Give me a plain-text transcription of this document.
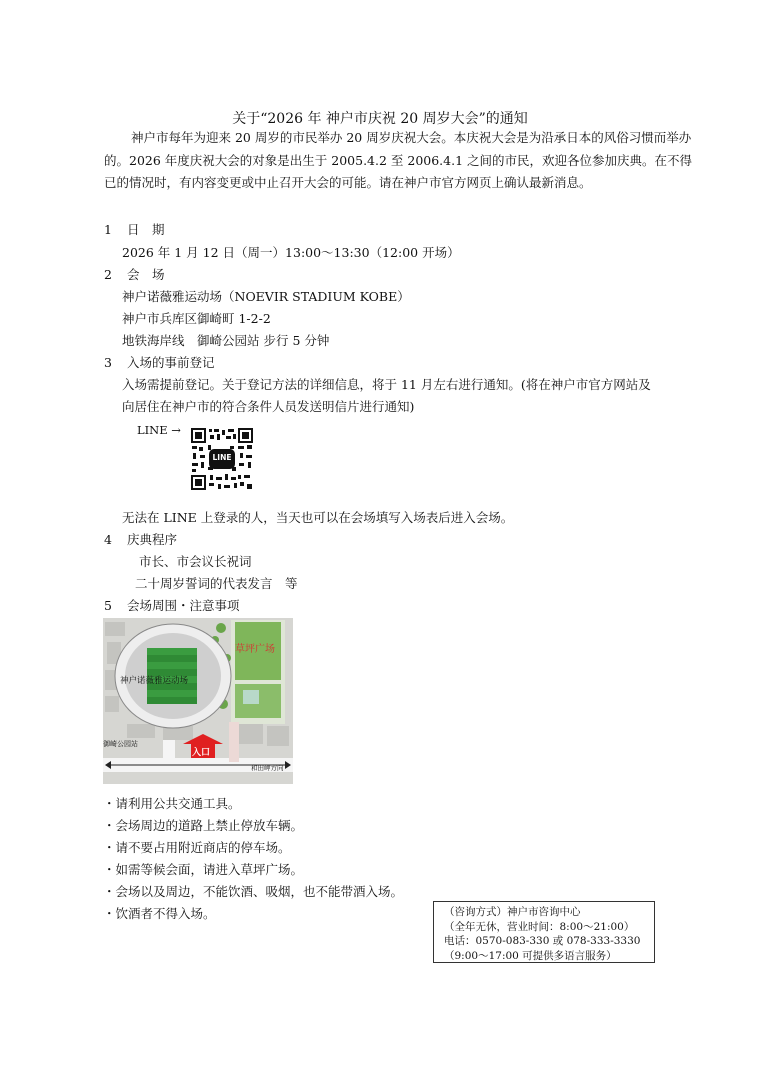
关于“2026 年 神户市庆祝 20 周岁大会”的通知
神户市每年为迎来 20 周岁的市民举办 20 周岁庆祝大会。本庆祝大会是为沿承日本的风俗习惯而举办的。2026 年度庆祝大会的对象是出生于 2005.4.2 至 2006.4.1 之间的市民，欢迎各位参加庆典。在不得已的情况时，有内容变更或中止召开大会的可能。请在神户市官方网页上确认最新消息。
1 日　期
2026 年 1 月 12 日（周一）13:00～13:30（12:00 开场）
2 会　场
神户诺薇雅运动场（NOEVIR STADIUM KOBE）
神户市兵库区御崎町 1-2-2
地铁海岸线　御崎公园站 步行 5 分钟
3 入场的事前登记
入场需提前登记。关于登记方法的详细信息，将于 11 月左右进行通知。(将在神户市官方网站及
向居住在神户市的符合条件人员发送明信片进行通知)
LINE →
LINE
无法在 LINE 上登录的人，当天也可以在会场填写入场表后进入会场。
4 庆典程序
市长、市会议长祝词
二十周岁誓词的代表发言　等
5 会场周围・注意事项
草坪广场
神户诺薇雅运动场
御崎公园站
入口
和田岬方向
・请利用公共交通工具。
・会场周边的道路上禁止停放车辆。
・请不要占用附近商店的停车场。
・如需等候会面，请进入草坪广场。
・会场以及周边，不能饮酒、吸烟，也不能带酒入场。
・饮酒者不得入场。	（咨询方式）神户市咨询中心
（全年无休，营业时间：8:00～21:00）
电话：0570-083-330 或 078-333-3330
（9:00～17:00 可提供多语言服务）
